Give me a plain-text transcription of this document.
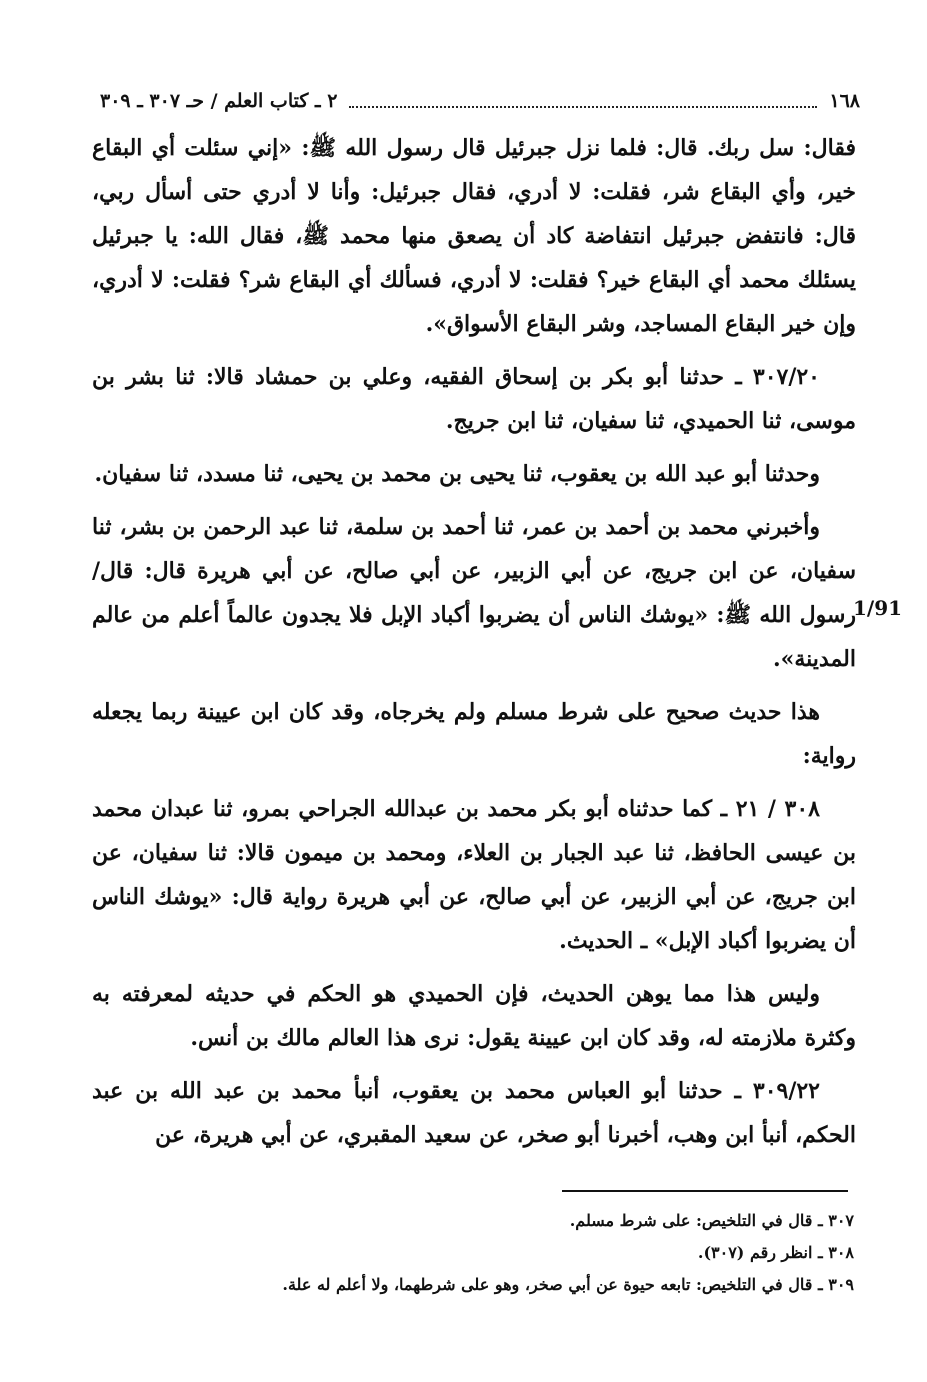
١٦٨
٢ ـ كتاب العلم / حـ ٣٠٧ ـ ٣٠٩

فقال: سل ربك. قال: فلما نزل جبرئيل قال رسول الله ﷺ: «إني سئلت أي البقاع خير، وأي البقاع شر، فقلت: لا أدري، فقال جبرئيل: وأنا لا أدري حتى أسأل ربي، قال: فانتفض جبرئيل انتفاضة كاد أن يصعق منها محمد ﷺ، فقال الله: يا جبرئيل يسئلك محمد أي البقاع خير؟ فقلت: لا أدري، فسألك أي البقاع شر؟ فقلت: لا أدري، وإن خير البقاع المساجد، وشر البقاع الأسواق».

٣٠٧/٢٠ ـ حدثنا أبو بكر بن إسحاق الفقيه، وعلي بن حمشاد قالا: ثنا بشر بن موسى، ثنا الحميدي، ثنا سفيان، ثنا ابن جريج.

وحدثنا أبو عبد الله بن يعقوب، ثنا يحيى بن محمد بن يحيى، ثنا مسدد، ثنا سفيان.

وأخبرني محمد بن أحمد بن عمر، ثنا أحمد بن سلمة، ثنا عبد الرحمن بن بشر، ثنا سفيان، عن ابن جريج، عن أبي الزبير، عن أبي صالح، عن أبي هريرة قال: قال/ رسول الله ﷺ: «يوشك الناس أن يضربوا أكباد الإبل فلا يجدون عالماً أعلم من عالم المدينة».

هذا حديث صحيح على شرط مسلم ولم يخرجاه، وقد كان ابن عيينة ربما يجعله رواية:

٣٠٨ / ٢١ ـ كما حدثناه أبو بكر محمد بن عبدالله الجراحي بمرو، ثنا عبدان محمد بن عيسى الحافظ، ثنا عبد الجبار بن العلاء، ومحمد بن ميمون قالا: ثنا سفيان، عن ابن جريج، عن أبي الزبير، عن أبي صالح، عن أبي هريرة رواية قال: «يوشك الناس أن يضربوا أكباد الإبل» ـ الحديث.

وليس هذا مما يوهن الحديث، فإن الحميدي هو الحكم في حديثه لمعرفته به وكثرة ملازمته له، وقد كان ابن عيينة يقول: نرى هذا العالم مالك بن أنس.

٣٠٩/٢٢ ـ حدثنا أبو العباس محمد بن يعقوب، أنبأ محمد بن عبد الله بن عبد الحكم، أنبأ ابن وهب، أخبرنا أبو صخر، عن سعيد المقبري، عن أبي هريرة، عن

1/91

٣٠٧ ـ قال في التلخيص: على شرط مسلم.

٣٠٨ ـ انظر رقم (٣٠٧).

٣٠٩ ـ قال في التلخيص: تابعه حيوة عن أبي صخر، وهو على شرطهما، ولا أعلم له علة.
